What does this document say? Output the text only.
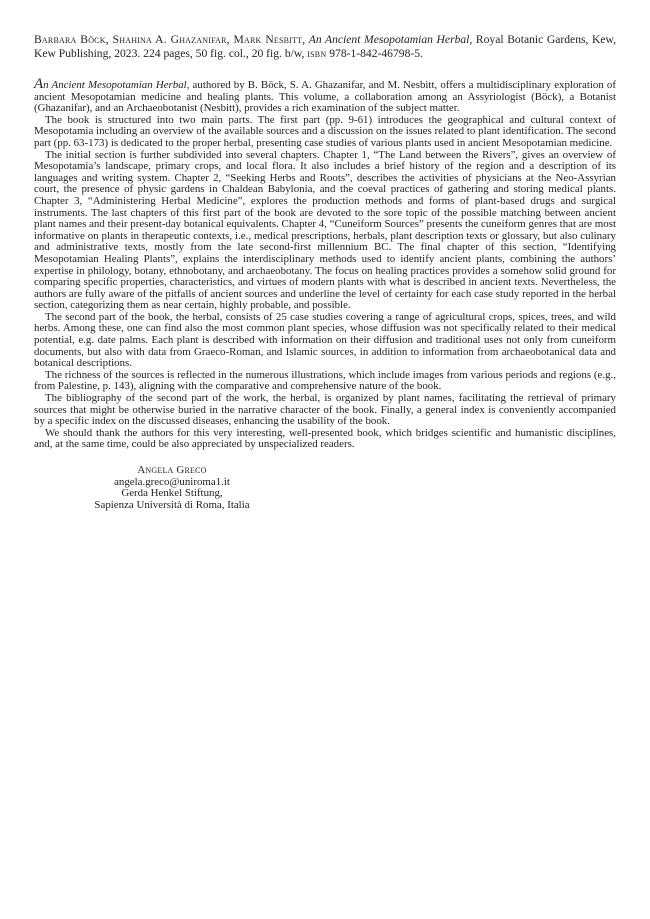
Barbara Böck, Shahina A. Ghazanifar, Mark Nesbitt, An Ancient Mesopotamian Herbal, Royal Botanic Gardens, Kew, Kew Publishing, 2023. 224 pages, 50 fig. col., 20 fig. b/w, isbn 978-1-842-46798-5.

An Ancient Mesopotamian Herbal, authored by B. Böck, S. A. Ghazanifar, and M. Nesbitt, offers a multidisciplinary exploration of ancient Mesopotamian medicine and healing plants. This volume, a collaboration among an Assyriologist (Böck), a Botanist (Ghazanifar), and an Archaeobotanist (Nesbitt), provides a rich examination of the subject matter.

The book is structured into two main parts. The first part (pp. 9-61) introduces the geographical and cultural context of Mesopotamia including an overview of the available sources and a discussion on the issues related to plant identification. The second part (pp. 63-173) is dedicated to the proper herbal, presenting case studies of various plants used in ancient Mesopotamian medicine.

The initial section is further subdivided into several chapters. Chapter 1, “The Land between the Rivers”, gives an overview of Mesopotamia’s landscape, primary crops, and local flora. It also includes a brief history of the region and a description of its languages and writing system. Chapter 2, “Seeking Herbs and Roots”, describes the activities of physicians at the Neo-Assyrian court, the presence of physic gardens in Chaldean Babylonia, and the coeval practices of gathering and storing medical plants. Chapter 3, “Administering Herbal Medicine”, explores the production methods and forms of plant-based drugs and surgical instruments. The last chapters of this first part of the book are devoted to the sore topic of the possible matching between ancient plant names and their present-day botanical equivalents. Chapter 4, “Cuneiform Sources” presents the cuneiform genres that are most informative on plants in therapeutic contexts, i.e., medical prescriptions, herbals, plant description texts or glossary, but also culinary and administrative texts, mostly from the late second-first millennium BC. The final chapter of this section, “Identifying Mesopotamian Healing Plants”, explains the interdisciplinary methods used to identify ancient plants, combining the authors’ expertise in philology, botany, ethnobotany, and archaeobotany. The focus on healing practices provides a somehow solid ground for comparing specific properties, characteristics, and virtues of modern plants with what is described in ancient texts. Nevertheless, the authors are fully aware of the pitfalls of ancient sources and underline the level of certainty for each case study reported in the herbal section, categorizing them as near certain, highly probable, and possible.

The second part of the book, the herbal, consists of 25 case studies covering a range of agricultural crops, spices, trees, and wild herbs. Among these, one can find also the most common plant species, whose diffusion was not specifically related to their medical potential, e.g. date palms. Each plant is described with information on their diffusion and traditional uses not only from cuneiform documents, but also with data from Graeco-Roman, and Islamic sources, in addition to information from archaeobotanical data and botanical descriptions.

The richness of the sources is reflected in the numerous illustrations, which include images from various periods and regions (e.g., from Palestine, p. 143), aligning with the comparative and comprehensive nature of the book.

The bibliography of the second part of the work, the herbal, is organized by plant names, facilitating the retrieval of primary sources that might be otherwise buried in the narrative character of the book. Finally, a general index is conveniently accompanied by a specific index on the discussed diseases, enhancing the usability of the book.

We should thank the authors for this very interesting, well-presented book, which bridges scientific and humanistic disciplines, and, at the same time, could be also appreciated by unspecialized readers.

Angela Greco
angela.greco@uniroma1.it
Gerda Henkel Stiftung,
Sapienza Università di Roma, Italia
